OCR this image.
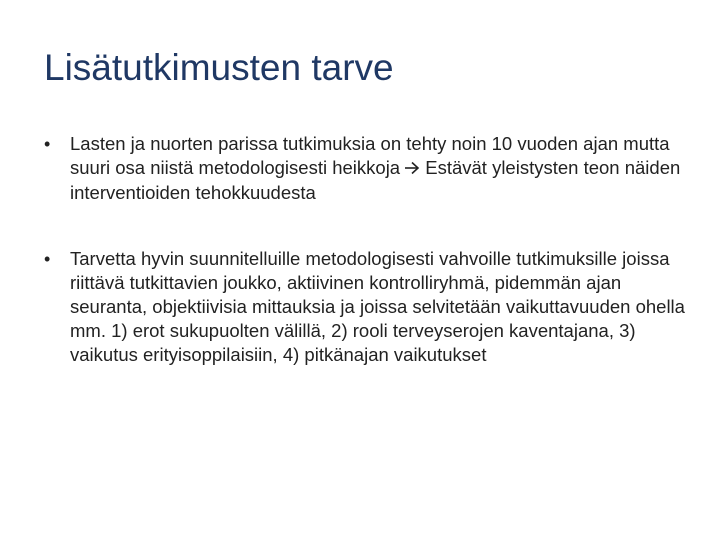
Lisätutkimusten tarve
• Lasten ja nuorten parissa tutkimuksia on tehty noin 10 vuoden ajan mutta suuri osa niistä metodologisesti heikkoja Estävät yleistysten teon näiden interventioiden tehokkuudesta
• Tarvetta hyvin suunnitelluille metodologisesti vahvoille tutkimuksille joissa riittävä tutkittavien joukko, aktiivinen kontrolliryhmä, pidemmän ajan seuranta, objektiivisia mittauksia ja joissa selvitetään vaikuttavuuden ohella mm. 1) erot sukupuolten välillä, 2) rooli terveyserojen kaventajana, 3) vaikutus erityisoppilaisiin, 4) pitkänajan vaikutukset
